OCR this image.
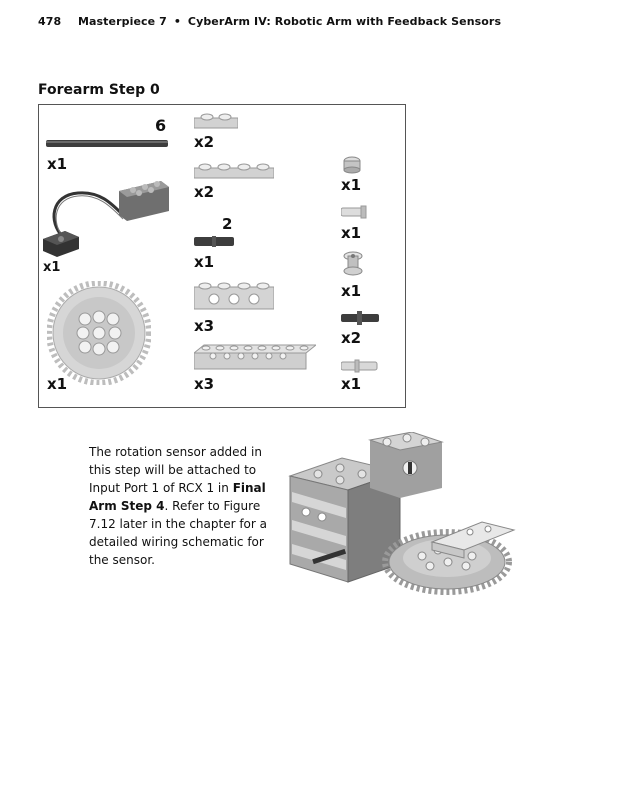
478 Masterpiece 7 • CyberArm IV: Robotic Arm with Feedback Sensors
Forearm Step 0
6
x1
x1
x1
x2
x2
2
x1
x3
x3
x1
x1
x1
x2
x1
The rotation sensor added in this step will be attached to Input Port 1 of RCX 1 in Final Arm Step 4. Refer to Figure 7.12 later in the chapter for a detailed wiring schematic for the sensor.
